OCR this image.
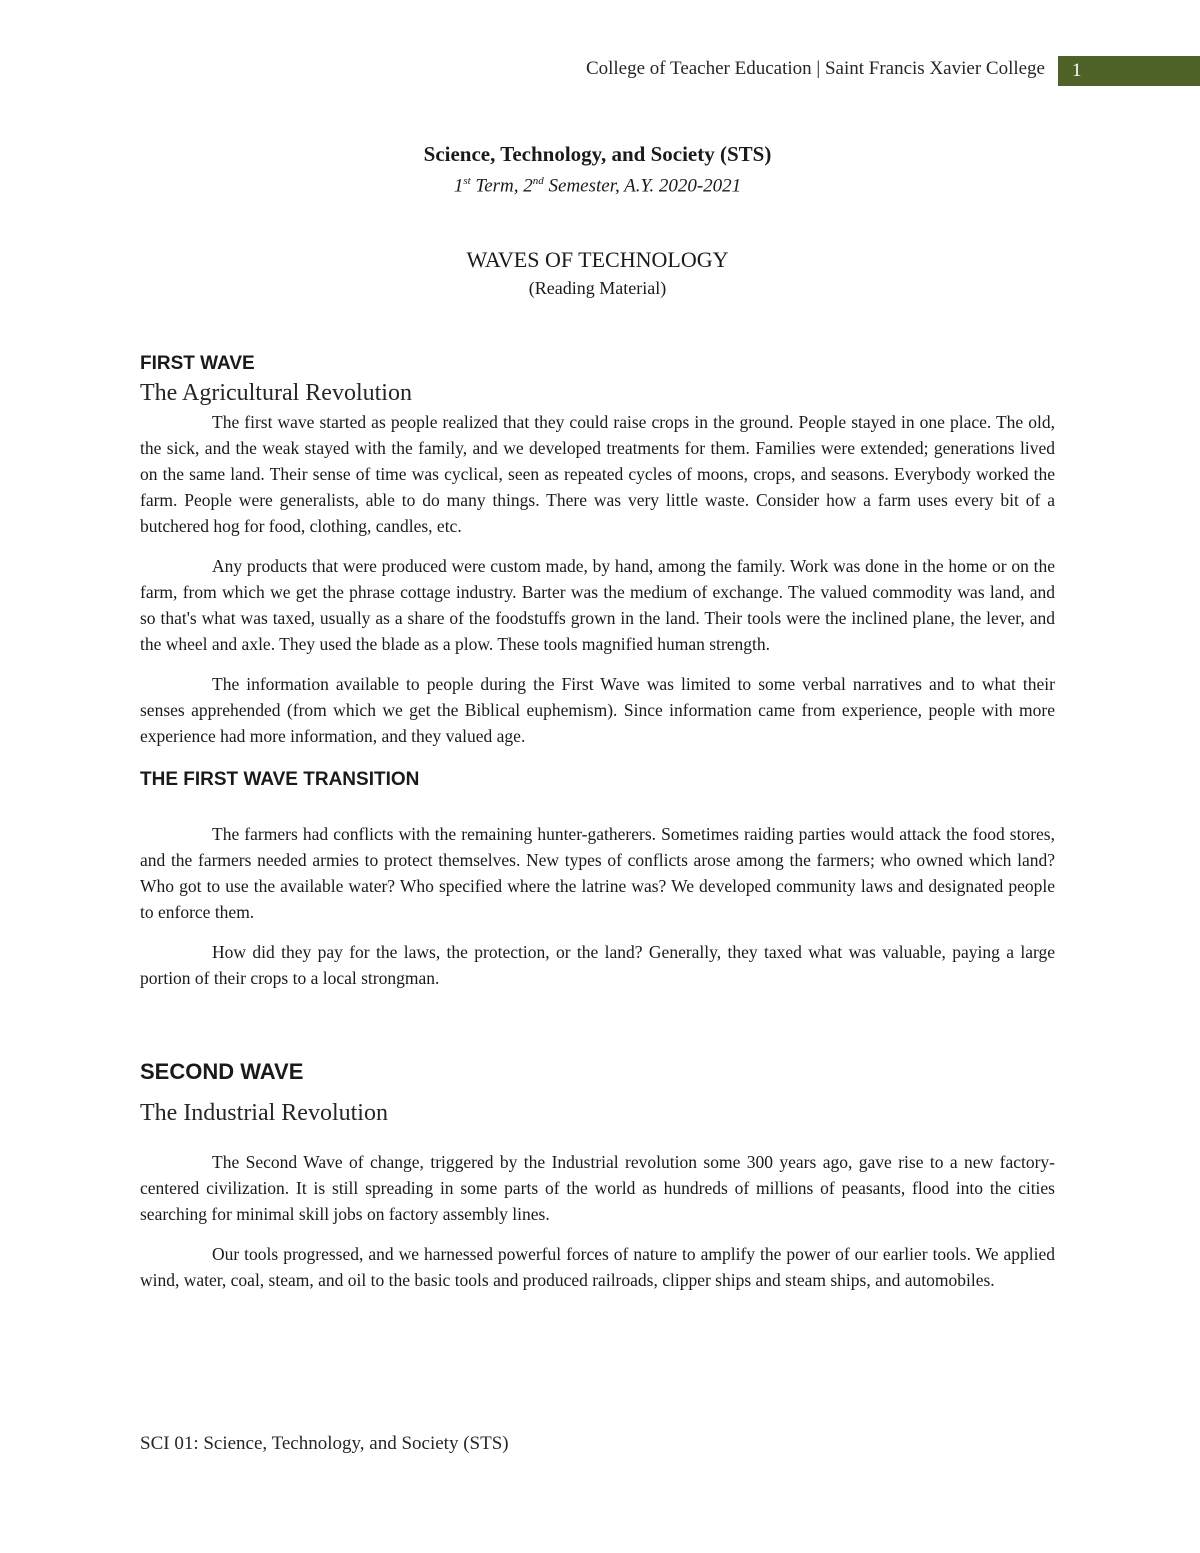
College of Teacher Education | Saint Francis Xavier College	1

Science, Technology, and Society (STS)

1st Term, 2nd Semester, A.Y. 2020-2021

WAVES OF TECHNOLOGY

(Reading Material)

FIRST WAVE

The Agricultural Revolution

The first wave started as people realized that they could raise crops in the ground. People stayed in one place. The old, the sick, and the weak stayed with the family, and we developed treatments for them. Families were extended; generations lived on the same land. Their sense of time was cyclical, seen as repeated cycles of moons, crops, and seasons. Everybody worked the farm. People were generalists, able to do many things. There was very little waste. Consider how a farm uses every bit of a butchered hog for food, clothing, candles, etc.

Any products that were produced were custom made, by hand, among the family. Work was done in the home or on the farm, from which we get the phrase cottage industry. Barter was the medium of exchange. The valued commodity was land, and so that's what was taxed, usually as a share of the foodstuffs grown in the land. Their tools were the inclined plane, the lever, and the wheel and axle. They used the blade as a plow. These tools magnified human strength.

The information available to people during the First Wave was limited to some verbal narratives and to what their senses apprehended (from which we get the Biblical euphemism). Since information came from experience, people with more experience had more information, and they valued age.

THE FIRST WAVE TRANSITION

The farmers had conflicts with the remaining hunter-gatherers. Sometimes raiding parties would attack the food stores, and the farmers needed armies to protect themselves. New types of conflicts arose among the farmers; who owned which land? Who got to use the available water? Who specified where the latrine was? We developed community laws and designated people to enforce them.

How did they pay for the laws, the protection, or the land? Generally, they taxed what was valuable, paying a large portion of their crops to a local strongman.

SECOND WAVE

The Industrial Revolution

The Second Wave of change, triggered by the Industrial revolution some 300 years ago, gave rise to a new factory-centered civilization. It is still spreading in some parts of the world as hundreds of millions of peasants, flood into the cities searching for minimal skill jobs on factory assembly lines.

Our tools progressed, and we harnessed powerful forces of nature to amplify the power of our earlier tools. We applied wind, water, coal, steam, and oil to the basic tools and produced railroads, clipper ships and steam ships, and automobiles.

SCI 01: Science, Technology, and Society (STS)
